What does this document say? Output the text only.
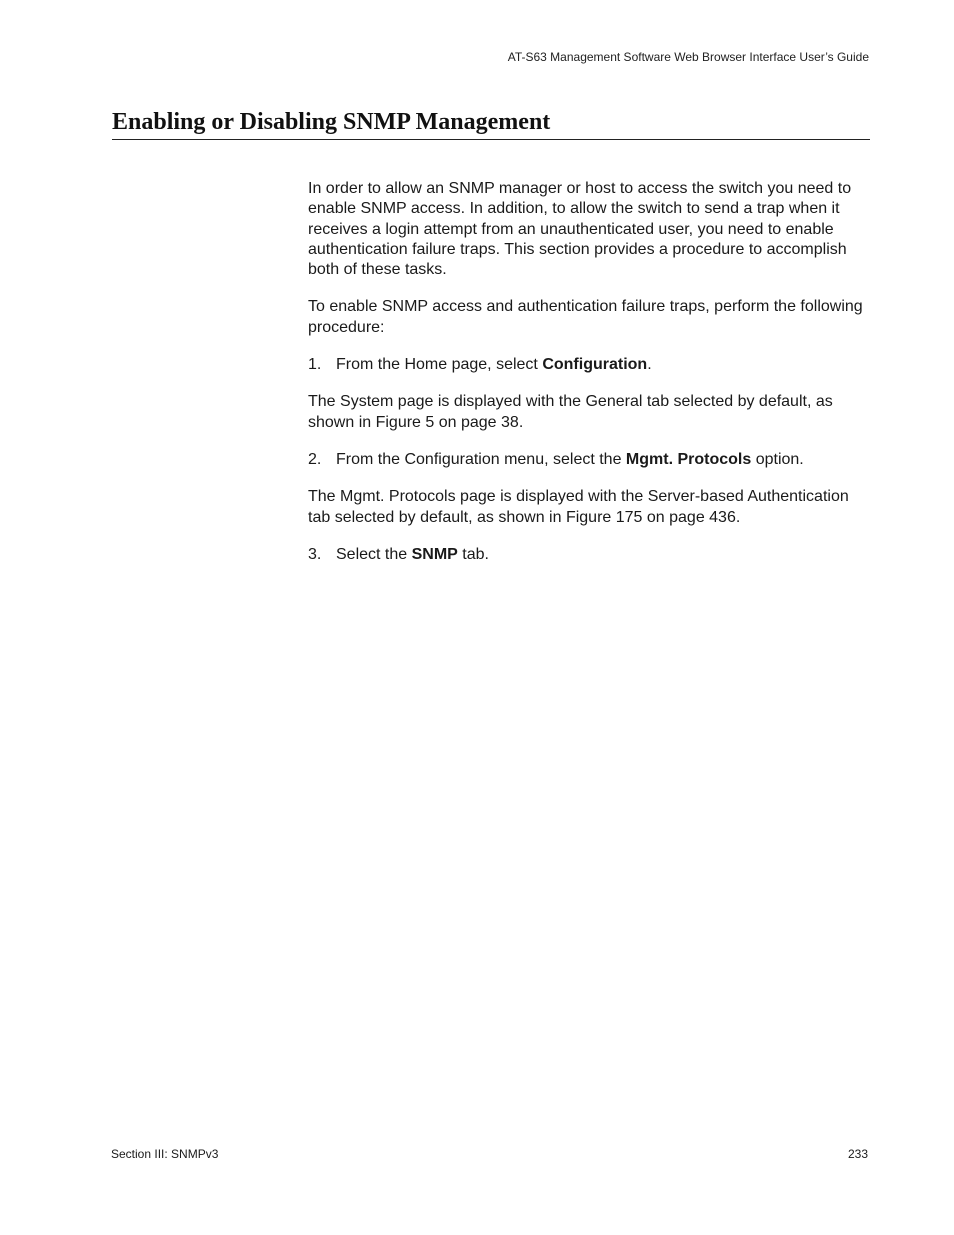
AT-S63 Management Software Web Browser Interface User’s Guide
Enabling or Disabling SNMP Management

In order to allow an SNMP manager or host to access the switch you need to enable SNMP access. In addition, to allow the switch to send a trap when it receives a login attempt from an unauthenticated user, you need to enable authentication failure traps. This section provides a procedure to accomplish both of these tasks.

To enable SNMP access and authentication failure traps, perform the following procedure:

1. From the Home page, select Configuration.

The System page is displayed with the General tab selected by default, as shown in Figure 5 on page 38.

2. From the Configuration menu, select the Mgmt. Protocols option.

The Mgmt. Protocols page is displayed with the Server-based Authentication tab selected by default, as shown in Figure 175 on page 436.

3. Select the SNMP tab.
Section III: SNMPv3	233
